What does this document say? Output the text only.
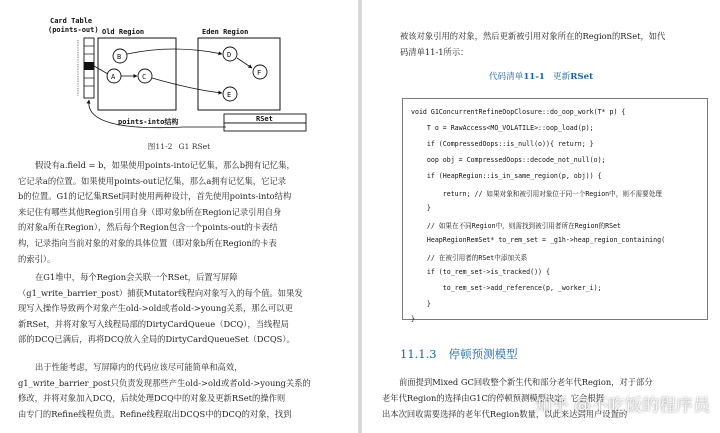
Card Table
(points-out) Old Region
B
A	C
Eden Region
D
F
E
RSet
points-into结构
图11-2 G1 RSet
假设有a.field = b，如果使用points-into记忆集，那么b拥有记忆集，
它记录a的位置。如果使用points-out记忆集，那么a拥有记忆集，它记录
b的位置。G1的记忆集RSet同时使用两种设计，首先使用points-into结构
来记住有哪些其他Region引用自身（即对象b所在Region记录引用自身
的对象a所在Region），然后每个Region包含一个points-out的卡表结
构，记录指向当前对象的对象的具体位置（即对象b所在Region的卡表
的索引）。
在G1堆中，每个Region会关联一个RSet，后置写屏障
（g1_write_barrier_post）捕获Mutator线程向对象写入的每个值。如果发
现写入操作导致两个对象产生old->old或者old->young关系，那么可以更
新RSet，并将对象写入线程局部的DirtyCardQueue（DCQ），当线程局
部的DCQ已满后，再将DCQ放入全局的DirtyCardQueueSet（DCQS）。
出于性能考虑，写屏障内的代码应该尽可能简单和高效，
g1_write_barrier_post只负责发现那些产生old->old或者old->young关系的
修改，并将对象加入DCQ，后续处理DCQ中的对象及更新RSet的操作则
由专门的Refine线程负责。Refine线程取出DCQS中的DCQ的对象，找到
被该对象引用的对象，然后更新被引用对象所在的Region的RSet，如代
码清单11-1所示：
代码清单11-1 更新RSet
void G1ConcurrentRefineOopClosure::do_oop_work(T* p) {
T o = RawAccess<MO_VOLATILE>::oop_load(p);
if (CompressedOops::is_null(o)){ return; }
oop obj = CompressedOops::decode_not_null(o);
if (HeapRegion::is_in_same_region(p, obj)) {
return; // 如果对象和被引用对象位于同一个Region中，则不需要处理
}
// 如果在不同Region中，则需找到被引用者所在Region的RSet
HeapRegionRemSet* to_rem_set = _g1h->heap_region_containing(
// 在被引用者的RSet中添加关系
if (to_rem_set->is_tracked()) {
to_rem_set->add_reference(p, _worker_i);
}
}
11.1.3 停顿预测模型
前面提到Mixed GC回收整个新生代和部分老年代Region，对于部分
老年代Region的选择由G1C的停顿预测模型决定，它会根据
出本次回收需要选择的老年代Region数量，以此来达到用户设置的
知乎 @不吃饭的程序员
